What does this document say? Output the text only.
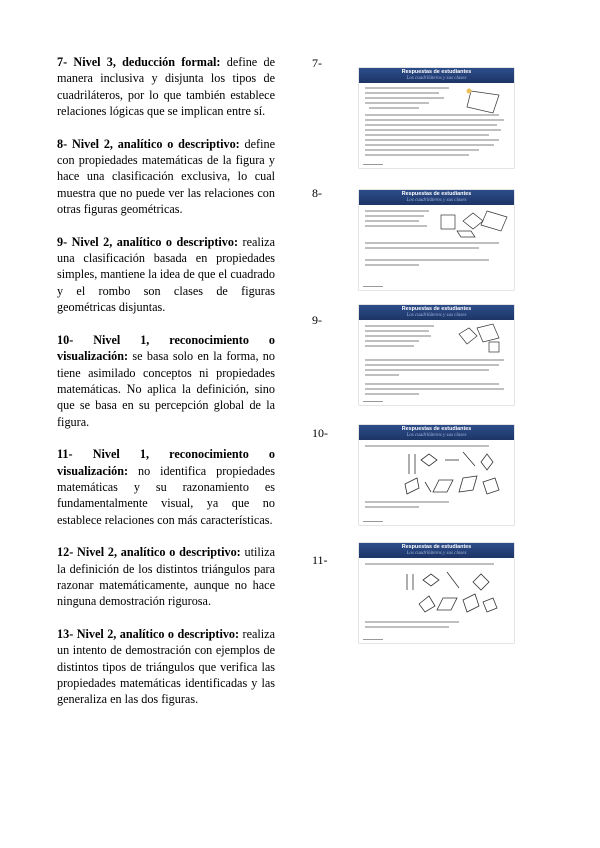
7- Nivel 3, deducción formal: define de manera inclusiva y disjunta los tipos de cuadriláteros, por lo que también establece relaciones lógicas que se implican entre sí.

8- Nivel 2, analítico o descriptivo: define con propiedades matemáticas de la figura y hace una clasificación exclusiva, lo cual muestra que no puede ver las relaciones con otras figuras geométricas.

9- Nivel 2, analítico o descriptivo: realiza una clasificación basada en propiedades simples, mantiene la idea de que el cuadrado y el rombo son clases de figuras geométricas disjuntas.

10- Nivel 1, reconocimiento o visualización: se basa solo en la forma, no tiene asimilado conceptos ni propiedades matemáticas. No aplica la definición, sino que se basa en su percepción global de la figura.

11- Nivel 1, reconocimiento o visualización: no identifica propiedades matemáticas y su razonamiento es fundamentalmente visual, ya que no establece relaciones con más características.

12- Nivel 2, analítico o descriptivo: utiliza la definición de los distintos triángulos para razonar matemáticamente, aunque no hace ninguna demostración rigurosa.

13- Nivel 2, analítico o descriptivo: realiza un intento de demostración con ejemplos de distintos tipos de triángulos que verifica las propiedades matemáticas identificadas y las generaliza en las dos figuras.

7-
Respuestas de estudiantes
Los cuadriláteros y sus clases
8-	Respuestas de estudiantes
Los cuadriláteros y sus clases
9-
Respuestas de estudiantes
Los cuadriláteros y sus clases
10-	Respuestas de estudiantes
Los cuadriláteros y sus clases
11-
Respuestas de estudiantes
Los cuadriláteros y sus clases
